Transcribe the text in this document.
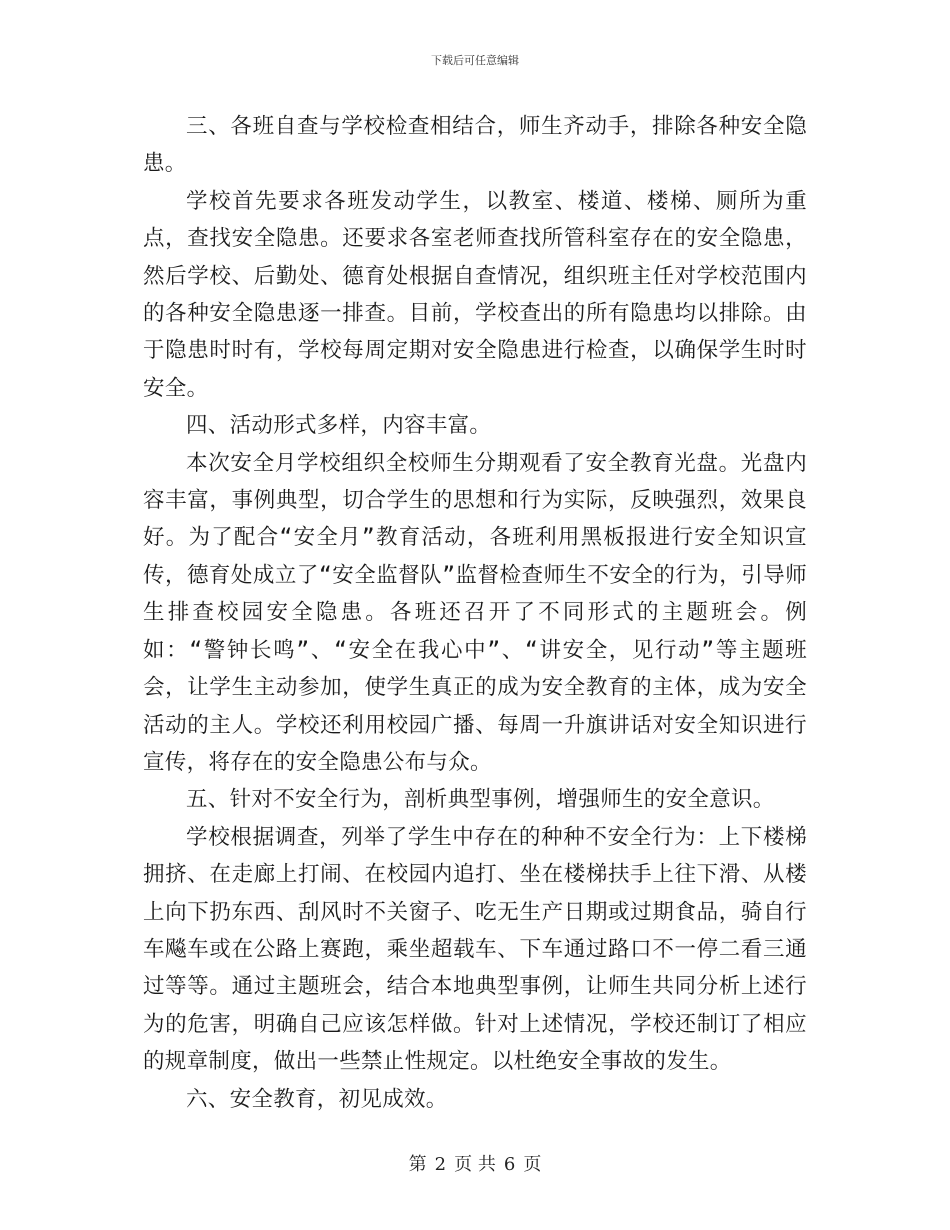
下载后可任意编辑

三、各班自查与学校检查相结合，师生齐动手，排除各种安全隐患。

学校首先要求各班发动学生，以教室、楼道、楼梯、厕所为重点，查找安全隐患。还要求各室老师查找所管科室存在的安全隐患，然后学校、后勤处、德育处根据自查情况，组织班主任对学校范围内的各种安全隐患逐一排查。目前，学校查出的所有隐患均以排除。由于隐患时时有，学校每周定期对安全隐患进行检查，以确保学生时时安全。

四、活动形式多样，内容丰富。

本次安全月学校组织全校师生分期观看了安全教育光盘。光盘内容丰富，事例典型，切合学生的思想和行为实际，反映强烈，效果良好。为了配合“安全月”教育活动，各班利用黑板报进行安全知识宣传，德育处成立了“安全监督队”监督检查师生不安全的行为，引导师生排查校园安全隐患。各班还召开了不同形式的主题班会。例如：“警钟长鸣”、“安全在我心中”、“讲安全，见行动”等主题班会，让学生主动参加，使学生真正的成为安全教育的主体，成为安全活动的主人。学校还利用校园广播、每周一升旗讲话对安全知识进行宣传，将存在的安全隐患公布与众。

五、针对不安全行为，剖析典型事例，增强师生的安全意识。

学校根据调查，列举了学生中存在的种种不安全行为：上下楼梯拥挤、在走廊上打闹、在校园内追打、坐在楼梯扶手上往下滑、从楼上向下扔东西、刮风时不关窗子、吃无生产日期或过期食品，骑自行车飚车或在公路上赛跑，乘坐超载车、下车通过路口不一停二看三通过等等。通过主题班会，结合本地典型事例，让师生共同分析上述行为的危害，明确自己应该怎样做。针对上述情况，学校还制订了相应的规章制度，做出一些禁止性规定。以杜绝安全事故的发生。

六、安全教育，初见成效。

第 2 页 共 6 页
